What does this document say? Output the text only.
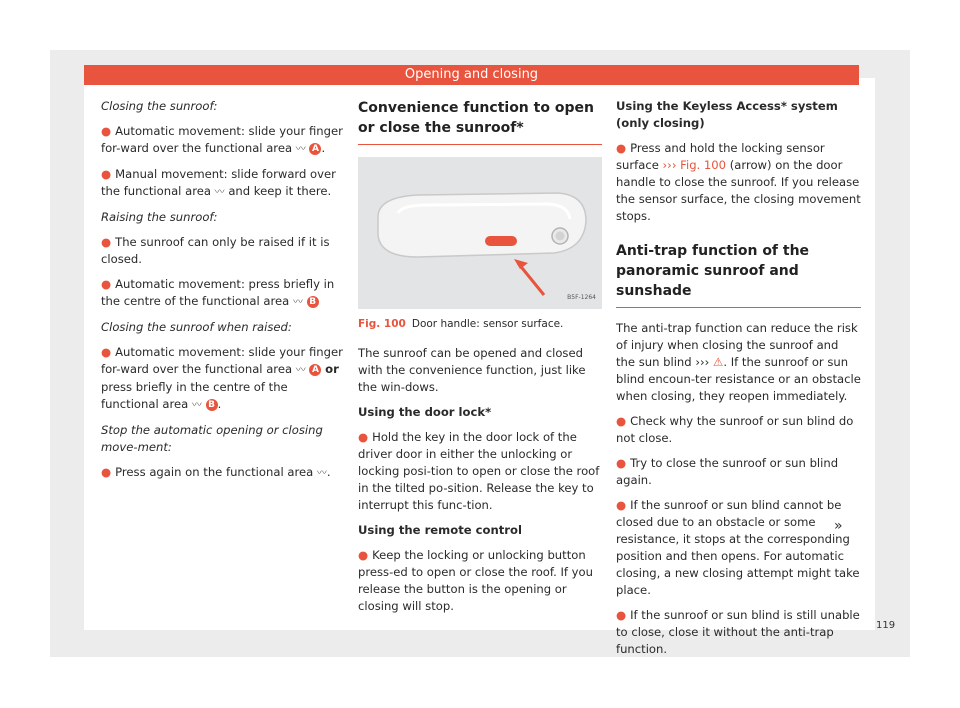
Opening and closing

Closing the sunroof:

● Automatic movement: slide your finger for-ward over the functional area 〰 A .

● Manual movement: slide forward over the functional area 〰 and keep it there.

Raising the sunroof:

● The sunroof can only be raised if it is closed.

● Automatic movement: press briefly in the centre of the functional area 〰 B

Closing the sunroof when raised:

● Automatic movement: slide your finger for-ward over the functional area 〰 A or press briefly in the centre of the functional area 〰 B .

Stop the automatic opening or closing move-ment:

● Press again on the functional area 〰.

Convenience function to open or close the sunroof*
B5F-1264
Fig. 100 Door handle: sensor surface.

The sunroof can be opened and closed with the convenience function, just like the win-dows.

Using the door lock*

● Hold the key in the door lock of the driver door in either the unlocking or locking posi-tion to open or close the roof in the tilted po-sition. Release the key to interrupt this func-tion.

Using the remote control

● Keep the locking or unlocking button press-ed to open or close the roof. If you release the button is the opening or closing will stop.

Using the Keyless Access* system (only closing)

● Press and hold the locking sensor surface ››› Fig. 100 (arrow) on the door handle to close the sunroof. If you release the sensor surface, the closing movement stops.

Anti-trap function of the panoramic sunroof and sunshade

The anti-trap function can reduce the risk of injury when closing the sunroof and the sun blind ››› ⚠. If the sunroof or sun blind encoun-ter resistance or an obstacle when closing, they reopen immediately.

● Check why the sunroof or sun blind do not close.

● Try to close the sunroof or sun blind again.

● If the sunroof or sun blind cannot be closed due to an obstacle or some resistance, it stops at the corresponding position and then opens. For automatic closing, a new closing attempt might take place.

● If the sunroof or sun blind is still unable to close, close it without the anti-trap function.

»
119
